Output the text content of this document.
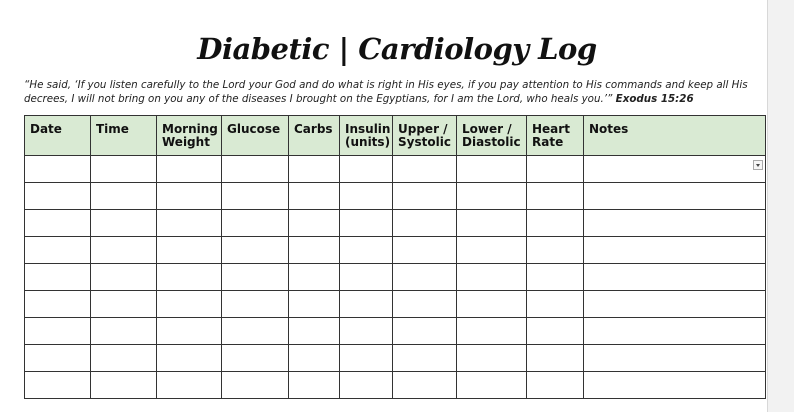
Diabetic | Cardiology Log
“He said, ‘If you listen carefully to the Lord your God and do what is right in His eyes, if you pay attention to His commands and keep all His decrees, I will not bring on you any of the diseases I brought on the Egyptians, for I am the Lord, who heals you.’” Exodus 15:26
Date	Time	Morning Weight	Glucose	Carbs	Insulin (units)	Upper / Systolic	Lower / Diastolic	Heart Rate	Notes
